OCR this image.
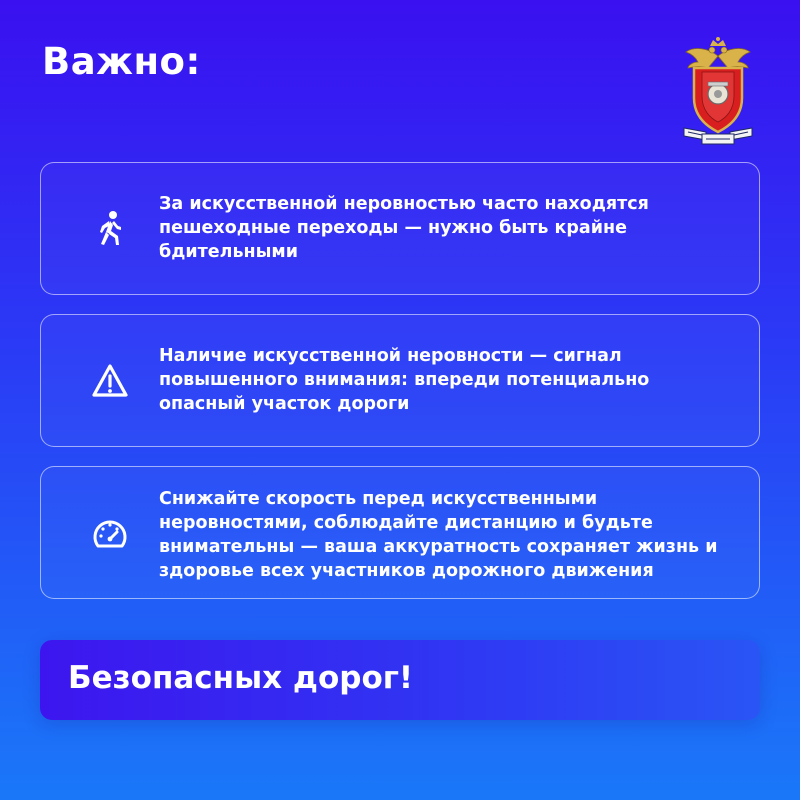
Важно:
За искусственной неровностью часто находятся пешеходные переходы — нужно быть крайне бдительными
Наличие искусственной неровности — сигнал повышенного внимания: впереди потенциально опасный участок дороги
Снижайте скорость перед искусственными неровностями, соблюдайте дистанцию и будьте внимательны — ваша аккуратность сохраняет жизнь и здоровье всех участников дорожного движения
Безопасных дорог!
